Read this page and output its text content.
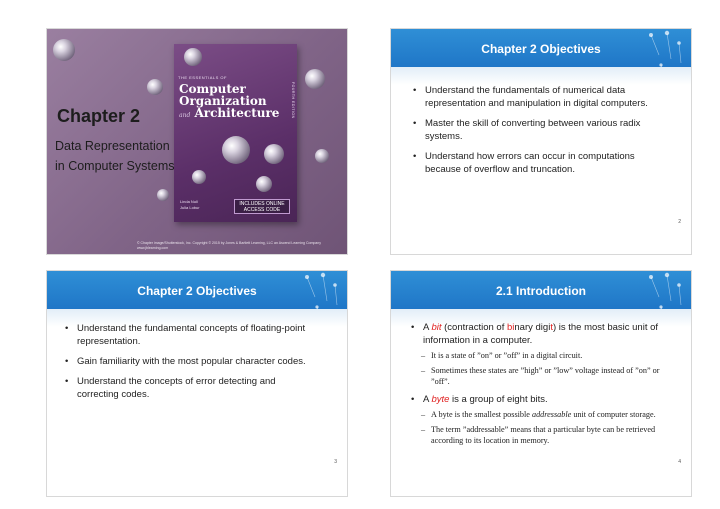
Chapter 2
Data Representation in Computer Systems
THE ESSENTIALS OF
Computer
Organization
and Architecture	FOURTH EDITION
Linda Null
Julia Lobur
INCLUDES ONLINE
ACCESS CODE
© Chapter image/Shutterstock, Inc. Copyright © 2015 by Jones & Bartlett Learning, LLC an Ascend Learning Company www.jblearning.com
Chapter 2 Objectives
• Understand the fundamentals of numerical data representation and manipulation in digital computers.
• Master the skill of converting between various radix systems.
• Understand how errors can occur in computations because of overflow and truncation.
2
Chapter 2 Objectives
• Understand the fundamental concepts of floating-point representation.
• Gain familiarity with the most popular character codes.
• Understand the concepts of error detecting and correcting codes.
3
2.1 Introduction
• A bit (contraction of binary digit) is the most basic unit of information in a computer.
– It is a state of ”on” or ”off” in a digital circuit.
– Sometimes these states are ”high” or ”low” voltage instead of ”on” or ”off”.
• A byte is a group of eight bits.
– A byte is the smallest possible addressable unit of computer storage.
– The term ”addressable” means that a particular byte can be retrieved according to its location in memory.
4
